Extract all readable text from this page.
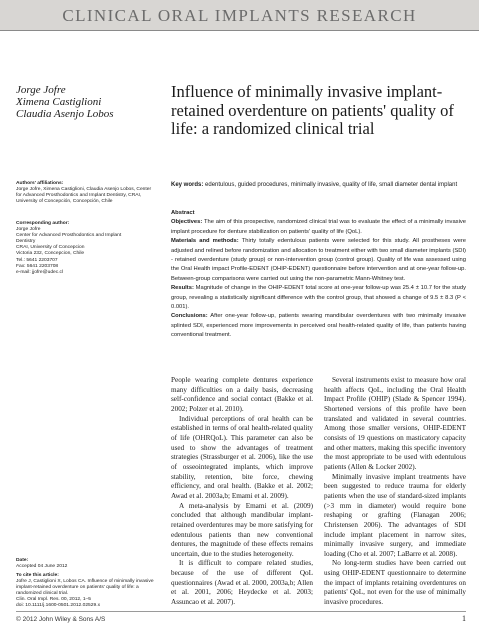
CLINICAL ORAL IMPLANTS RESEARCH
Jorge Jofre
Ximena Castiglioni
Claudia Asenjo Lobos
Influence of minimally invasive implant-retained overdenture on patients' quality of life: a randomized clinical trial
Authors' affiliations:
Jorge Jofre, Ximena Castiglioni, Claudia Asenjo Lobos, Center for Advanced Prosthodontics and Implant Dentistry, CRAI, University of Concepción, Concepción, Chile
Corresponding author:
Jorge Jofre
Center for Advanced Prosthodontics and Implant
Dentistry
CRAI, University of Concepcion
Victoria 232, Concepcion, Chile
Tel.: 5641 2203707
Fax: 5641 2203708
e-mail: jjofre@udec.cl
Key words: edentulous, guided procedures, minimally invasive, quality of life, small diameter dental implant

Abstract

Objectives: The aim of this prospective, randomized clinical trial was to evaluate the effect of a minimally invasive implant procedure for denture stabilization on patients' quality of life (QoL).

Materials and methods: Thirty totally edentulous patients were selected for this study. All prostheses were adjusted and relined before randomization and allocation to treatment either with two small diameter implants (SDI) - retained overdenture (study group) or non-intervention group (control group). Quality of life was assessed using the Oral Health impact Profile-EDENT (OHIP-EDENT) questionnaire before intervention and at one-year follow-up. Between-group comparisons were carried out using the non-parametric Mann-Whitney test.

Results: Magnitude of change in the OHIP-EDENT total score at one-year follow-up was 25.4 ± 10.7 for the study group, revealing a statistically significant difference with the control group, that showed a change of 9.5 ± 8.3 (P < 0.001).

Conclusions: After one-year follow-up, patients wearing mandibular overdentures with two minimally invasive splinted SDI, experienced more improvements in perceived oral health-related quality of life, than patients having conventional treatment.

People wearing complete dentures experience many difficulties on a daily basis, decreasing self-confidence and social contact (Bakke et al. 2002; Polzer et al. 2010).

Individual perceptions of oral health can be established in terms of oral health-related quality of life (OHRQoL). This parameter can also be used to show the advantages of treatment strategies (Strassburger et al. 2006), like the use of osseointegrated implants, which improve stability, retention, bite force, chewing efficiency, and oral health. (Bakke et al. 2002; Awad et al. 2003a,b; Emami et al. 2009).

A meta-analysis by Emami et al. (2009) concluded that although mandibular implant-retained overdentures may be more satisfying for edentulous patients than new conventional dentures, the magnitude of these effects remains uncertain, due to the studies heterogeneity.

It is difficult to compare related studies, because of the use of different QoL questionnaires (Awad et al. 2000, 2003a,b; Allen et al. 2001, 2006; Heydecke et al. 2003; Assuncao et al. 2007).

Several instruments exist to measure how oral health affects QoL, including the Oral Health Impact Profile (OHIP) (Slade & Spencer 1994). Shortened versions of this profile have been translated and validated in several countries. Among those smaller versions, OHIP-EDENT consists of 19 questions on masticatory capacity and other matters, making this specific inventory the most appropriate to be used with edentulous patients (Allen & Locker 2002).

Minimally invasive implant treatments have been suggested to reduce trauma for elderly patients when the use of standard-sized implants (>3 mm in diameter) would require bone reshaping or grafting (Flanagan 2006; Christensen 2006). The advantages of SDI include implant placement in narrow sites, minimally invasive surgery, and immediate loading (Cho et al. 2007; LaBarre et al. 2008).

No long-term studies have been carried out using OHIP-EDENT questionnaire to determine the impact of implants retaining overdentures on patients' QoL, not even for the use of minimally invasive procedures.

Date:
Accepted 04 June 2012
To cite this article:
Jofre J, Castiglioni X, Lobos CA. Influence of minimally invasive implant-retained overdenture on patients' quality of life: a randomized clinical trial.
Clin. Oral Impl. Res. 00, 2012, 1–5
doi: 10.1111/j.1600-0501.2012.02529.x
© 2012 John Wiley & Sons A/S	1
